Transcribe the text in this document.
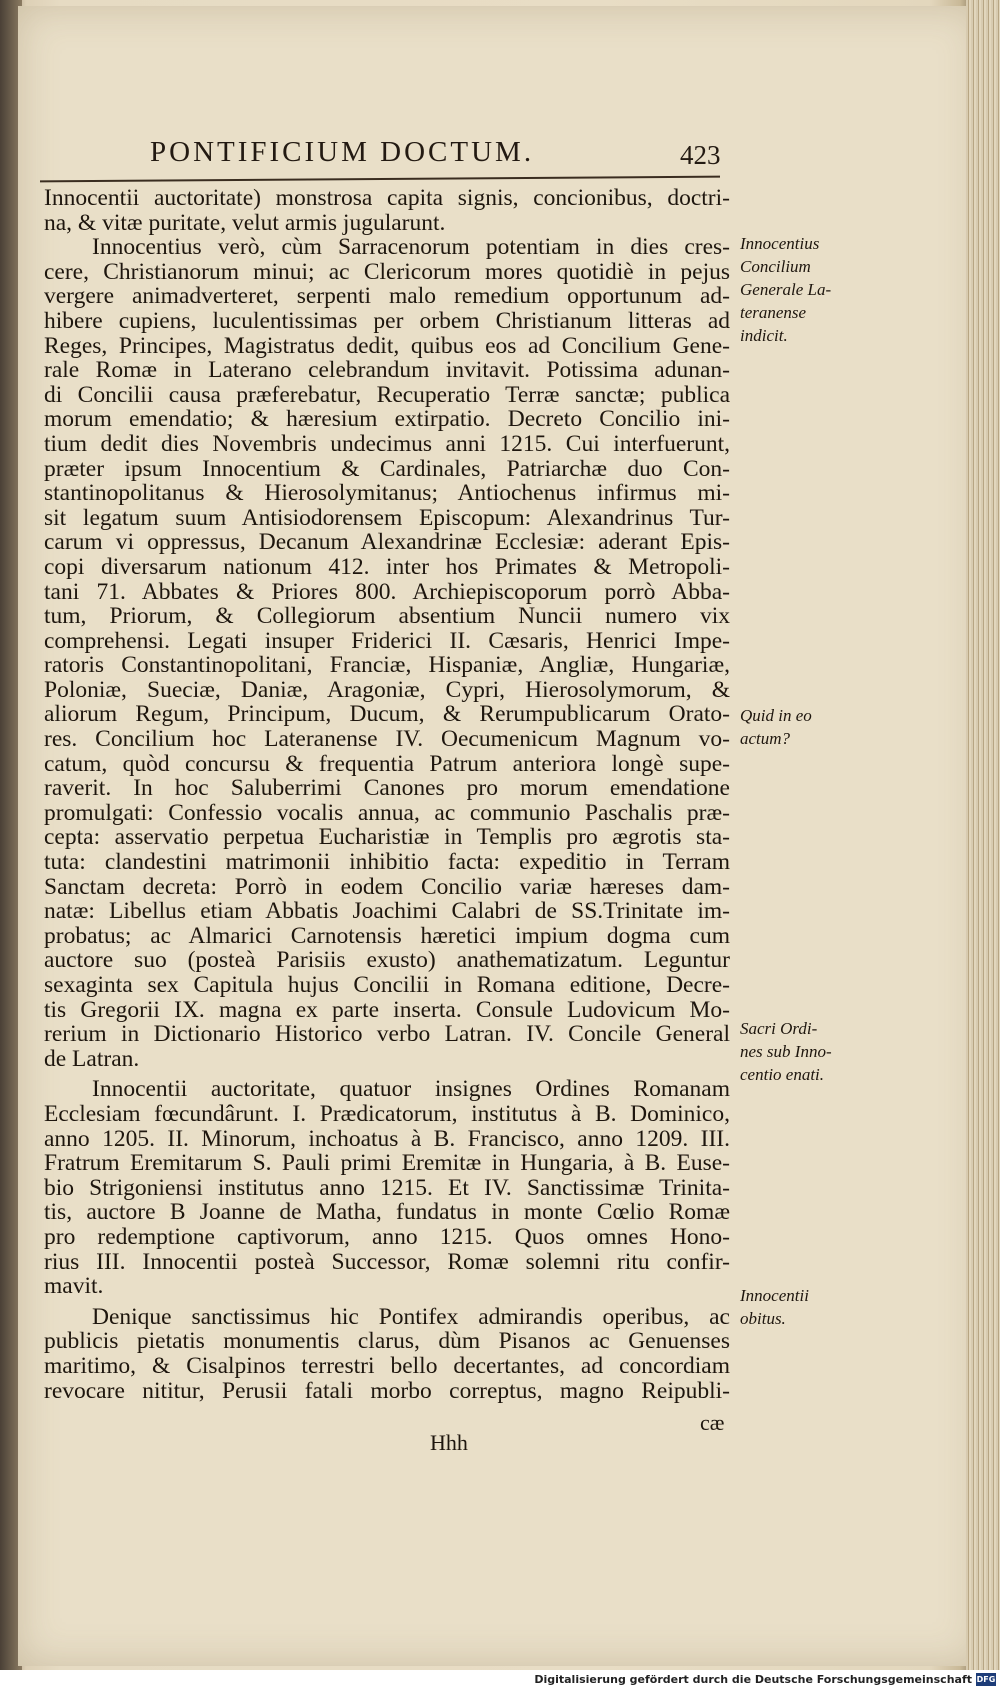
PONTIFICIUM DOCTUM.	423
Innocentii auctoritate) monstrosa capita signis, concionibus, doctri-
na, & vitæ puritate, velut armis jugularunt.
Innocentius verò, cùm Sarracenorum potentiam in dies cres-
cere, Christianorum minui; ac Clericorum mores quotidiè in pejus
vergere animadverteret, serpenti malo remedium opportunum ad-
hibere cupiens, luculentissimas per orbem Christianum litteras ad
Reges, Principes, Magistratus dedit, quibus eos ad Concilium Gene-
rale Romæ in Laterano celebrandum invitavit. Potissima adunan-
di Concilii causa præferebatur, Recuperatio Terræ sanctæ; publica
morum emendatio; & hæresium extirpatio. Decreto Concilio ini-
tium dedit dies Novembris undecimus anni 1215. Cui interfuerunt,
præter ipsum Innocentium & Cardinales, Patriarchæ duo Con-
stantinopolitanus & Hierosolymitanus; Antiochenus infirmus mi-
sit legatum suum Antisiodorensem Episcopum: Alexandrinus Tur-
carum vi oppressus, Decanum Alexandrinæ Ecclesiæ: aderant Epis-
copi diversarum nationum 412. inter hos Primates & Metropoli-
tani 71. Abbates & Priores 800. Archiepiscoporum porrò Abba-
tum, Priorum, & Collegiorum absentium Nuncii numero vix
comprehensi. Legati insuper Friderici II. Cæsaris, Henrici Impe-
ratoris Constantinopolitani, Franciæ, Hispaniæ, Angliæ, Hungariæ,
Poloniæ, Sueciæ, Daniæ, Aragoniæ, Cypri, Hierosolymorum, &
aliorum Regum, Principum, Ducum, & Rerumpublicarum Orato-
res. Concilium hoc Lateranense IV. Oecumenicum Magnum vo-
catum, quòd concursu & frequentia Patrum anteriora longè supe-
raverit. In hoc Saluberrimi Canones pro morum emendatione
promulgati: Confessio vocalis annua, ac communio Paschalis præ-
cepta: asservatio perpetua Eucharistiæ in Templis pro ægrotis sta-
tuta: clandestini matrimonii inhibitio facta: expeditio in Terram
Sanctam decreta: Porrò in eodem Concilio variæ hæreses dam-
natæ: Libellus etiam Abbatis Joachimi Calabri de SS.Trinitate im-
probatus; ac Almarici Carnotensis hæretici impium dogma cum
auctore suo (posteà Parisiis exusto) anathematizatum. Leguntur
sexaginta sex Capitula hujus Concilii in Romana editione, Decre-
tis Gregorii IX. magna ex parte inserta. Consule Ludovicum Mo-
rerium in Dictionario Historico verbo Latran. IV. Concile General
de Latran.
Innocentii auctoritate, quatuor insignes Ordines Romanam
Ecclesiam fœcundârunt. I. Prædicatorum, institutus à B. Dominico,
anno 1205. II. Minorum, inchoatus à B. Francisco, anno 1209. III.
Fratrum Eremitarum S. Pauli primi Eremitæ in Hungaria, à B. Euse-
bio Strigoniensi institutus anno 1215. Et IV. Sanctissimæ Trinita-
tis, auctore B Joanne de Matha, fundatus in monte Cœlio Romæ
pro redemptione captivorum, anno 1215. Quos omnes Hono-
rius III. Innocentii posteà Successor, Romæ solemni ritu confir-
mavit.
Denique sanctissimus hic Pontifex admirandis operibus, ac
publicis pietatis monumentis clarus, dùm Pisanos ac Genuenses
maritimo, & Cisalpinos terrestri bello decertantes, ad concordiam
revocare nititur, Perusii fatali morbo correptus, magno Reipubli-
Innocentius
Concilium
Generale La-
teranense
indicit.
Quid in eo
actum?
Sacri Ordi-
nes sub Inno-
centio enati.
Innocentii
obitus.
Hhh
cæ
Digitalisierung gefördert durch die Deutsche Forschungsgemeinschaft DFG
